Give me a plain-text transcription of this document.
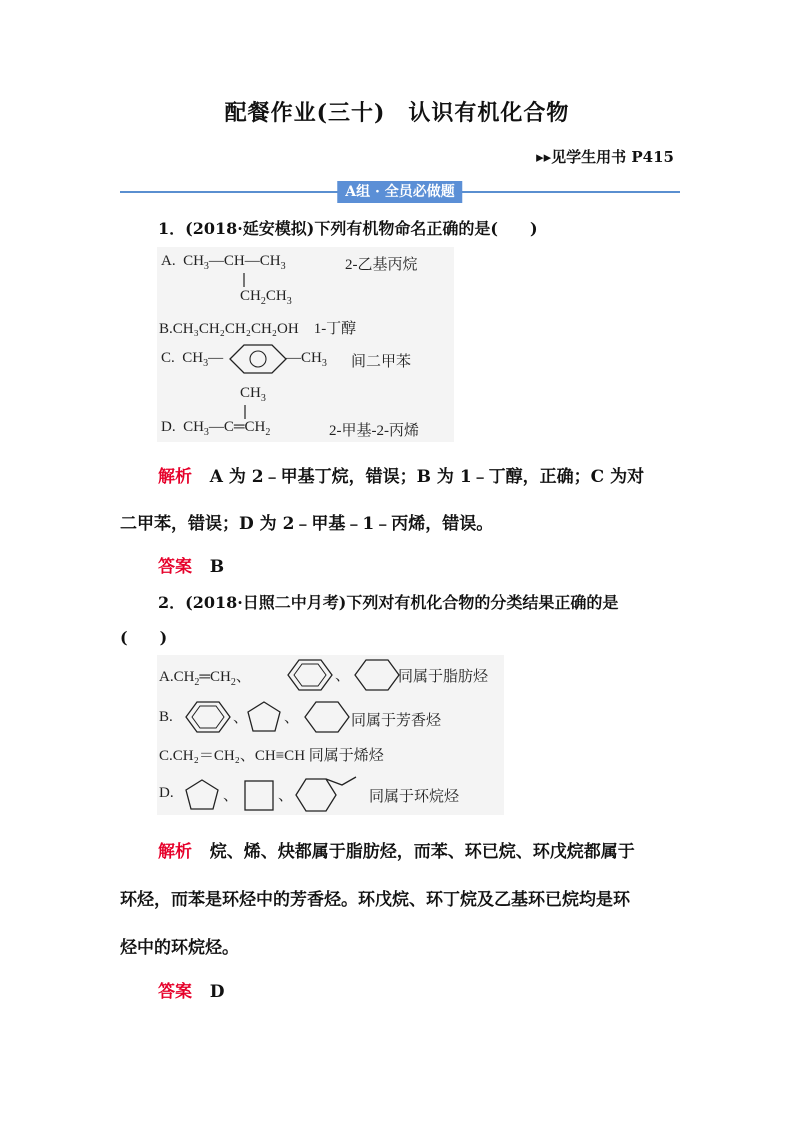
配餐作业(三十)　认识有机化合物
▸▸见学生用书 P415
A组 · 全员必做题
1．(2018·延安模拟)下列有机物命名正确的是(　　)
A.  $CH_3—CH—CH_3$	2-乙基丙烷
$CH_2CH_3$
B.CH₃CH₂CH₂CH₂OH　1-丁醇
C.  $CH_3—$	$—CH_3$ 间二甲苯
$CH_3$
D.  $CH_3—C═CH_2$	2-甲基-2-丙烯
解析 A 为 2﹣甲基丁烷，错误；B 为 1﹣丁醇，正确；C 为对
二甲苯，错误；D 为 2﹣甲基﹣1﹣丙烯，错误。
答案 B
2．(2018·日照二中月考)下列对有机化合物的分类结果正确的是
(　　)
$A.CH_2═CH_2$、	、	同属于脂肪烃
B.	、 、	同属于芳香烃
C.CH₂＝CH₂、CH≡CH 同属于烯烃
D.	、	、	同属于环烷烃
解析 烷、烯、炔都属于脂肪烃，而苯、环已烷、环戊烷都属于
环烃，而苯是环烃中的芳香烃。环戊烷、环丁烷及乙基环已烷均是环
烃中的环烷烃。
答案 D
